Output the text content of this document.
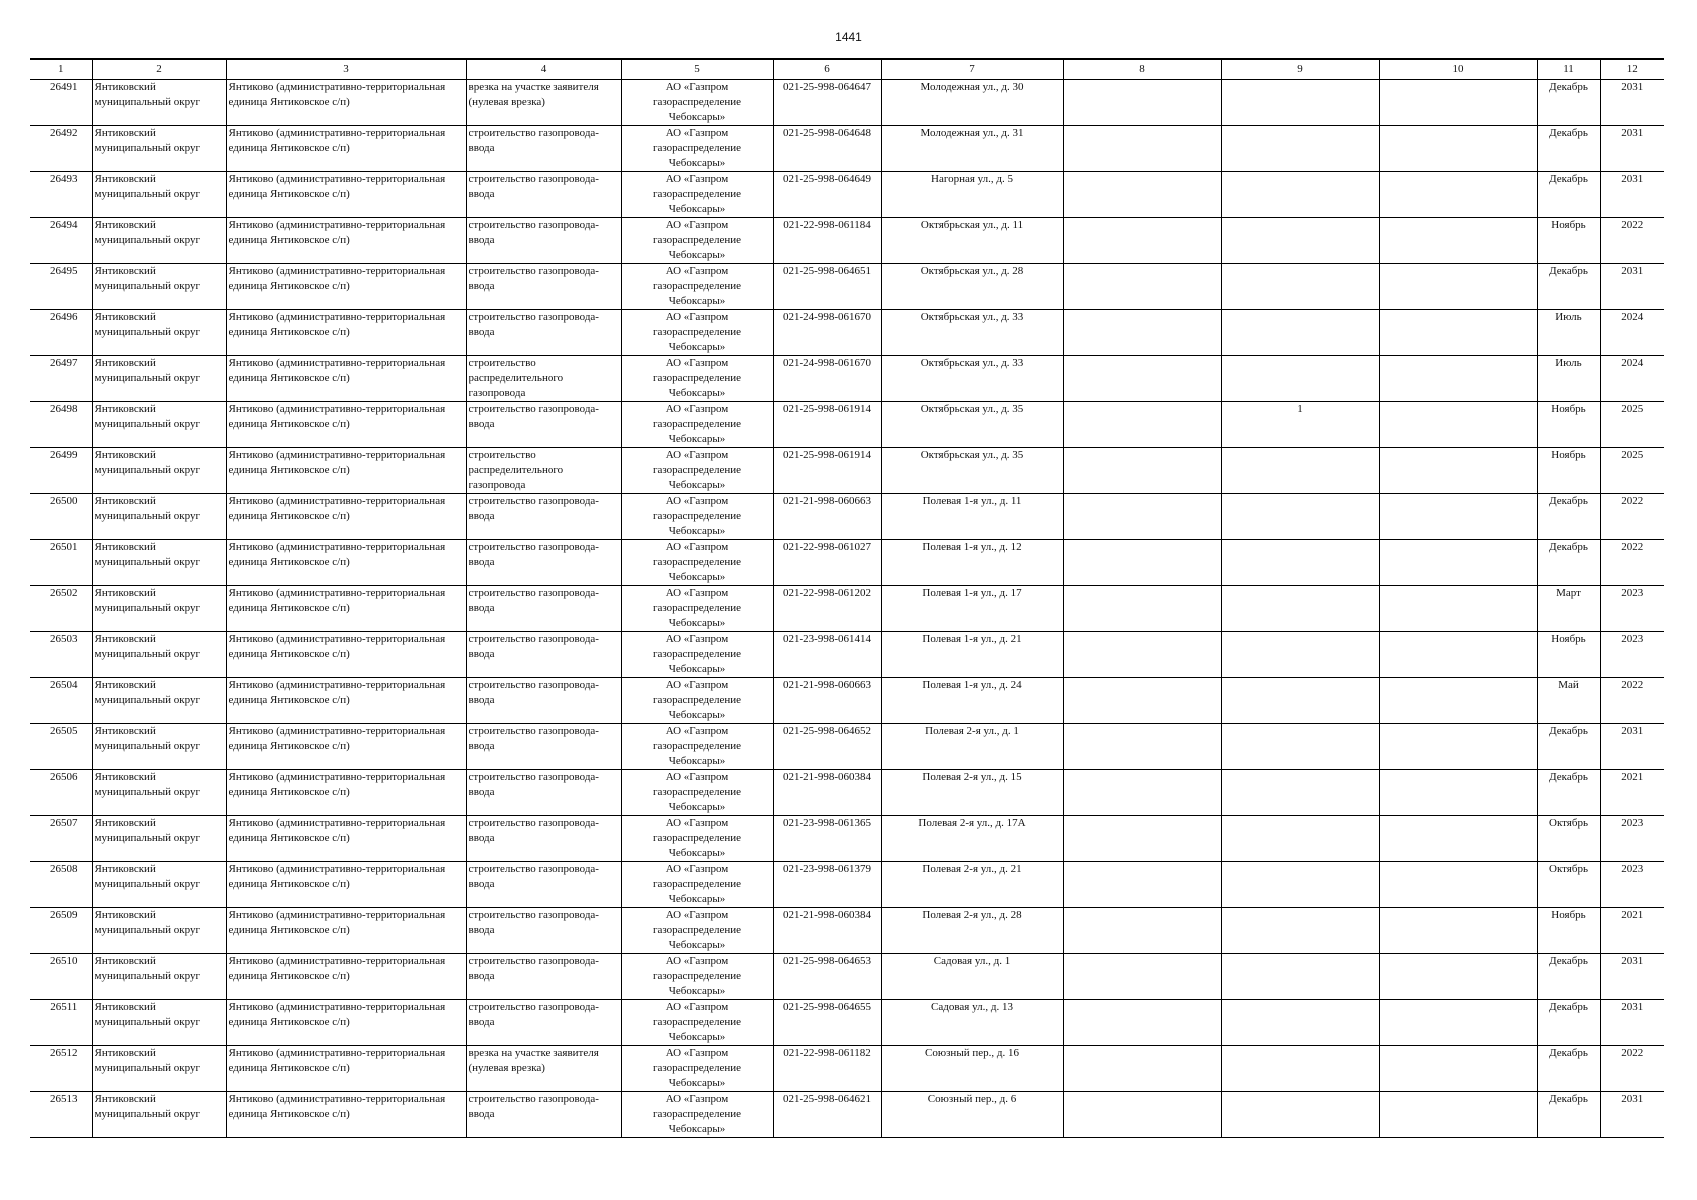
1441
1	2	3	4	5	6	7	8	9	10	11	12

26491	Янтиковский муниципальный округ	Янтиково (административно-территориальная единица Янтиковское с/п)	врезка на участке заявителя (нулевая врезка)	АО «Газпром газораспределение Чебоксары»	021-25-998-064647	Молодежная ул., д. 30				Декабрь	2031

26492	Янтиковский муниципальный округ	Янтиково (административно-территориальная единица Янтиковское с/п)	строительство газопровода-ввода	АО «Газпром газораспределение Чебоксары»	021-25-998-064648	Молодежная ул., д. 31				Декабрь	2031

26493	Янтиковский муниципальный округ	Янтиково (административно-территориальная единица Янтиковское с/п)	строительство газопровода-ввода	АО «Газпром газораспределение Чебоксары»	021-25-998-064649	Нагорная ул., д. 5				Декабрь	2031

26494	Янтиковский муниципальный округ	Янтиково (административно-территориальная единица Янтиковское с/п)	строительство газопровода-ввода	АО «Газпром газораспределение Чебоксары»	021-22-998-061184	Октябрьская ул., д. 11				Ноябрь	2022

26495	Янтиковский муниципальный округ	Янтиково (административно-территориальная единица Янтиковское с/п)	строительство газопровода-ввода	АО «Газпром газораспределение Чебоксары»	021-25-998-064651	Октябрьская ул., д. 28				Декабрь	2031

26496	Янтиковский муниципальный округ	Янтиково (административно-территориальная единица Янтиковское с/п)	строительство газопровода-ввода	АО «Газпром газораспределение Чебоксары»	021-24-998-061670	Октябрьская ул., д. 33				Июль	2024

26497	Янтиковский муниципальный округ	Янтиково (административно-территориальная единица Янтиковское с/п)	строительство распределительного газопровода	АО «Газпром газораспределение Чебоксары»	021-24-998-061670	Октябрьская ул., д. 33				Июль	2024

26498	Янтиковский муниципальный округ	Янтиково (административно-территориальная единица Янтиковское с/п)	строительство газопровода-ввода	АО «Газпром газораспределение Чебоксары»	021-25-998-061914	Октябрьская ул., д. 35		1		Ноябрь	2025

26499	Янтиковский муниципальный округ	Янтиково (административно-территориальная единица Янтиковское с/п)	строительство распределительного газопровода	АО «Газпром газораспределение Чебоксары»	021-25-998-061914	Октябрьская ул., д. 35				Ноябрь	2025

26500	Янтиковский муниципальный округ	Янтиково (административно-территориальная единица Янтиковское с/п)	строительство газопровода-ввода	АО «Газпром газораспределение Чебоксары»	021-21-998-060663	Полевая 1-я ул., д. 11				Декабрь	2022

26501	Янтиковский муниципальный округ	Янтиково (административно-территориальная единица Янтиковское с/п)	строительство газопровода-ввода	АО «Газпром газораспределение Чебоксары»	021-22-998-061027	Полевая 1-я ул., д. 12				Декабрь	2022

26502	Янтиковский муниципальный округ	Янтиково (административно-территориальная единица Янтиковское с/п)	строительство газопровода-ввода	АО «Газпром газораспределение Чебоксары»	021-22-998-061202	Полевая 1-я ул., д. 17				Март	2023

26503	Янтиковский муниципальный округ	Янтиково (административно-территориальная единица Янтиковское с/п)	строительство газопровода-ввода	АО «Газпром газораспределение Чебоксары»	021-23-998-061414	Полевая 1-я ул., д. 21				Ноябрь	2023

26504	Янтиковский муниципальный округ	Янтиково (административно-территориальная единица Янтиковское с/п)	строительство газопровода-ввода	АО «Газпром газораспределение Чебоксары»	021-21-998-060663	Полевая 1-я ул., д. 24				Май	2022

26505	Янтиковский муниципальный округ	Янтиково (административно-территориальная единица Янтиковское с/п)	строительство газопровода-ввода	АО «Газпром газораспределение Чебоксары»	021-25-998-064652	Полевая 2-я ул., д. 1				Декабрь	2031

26506	Янтиковский муниципальный округ	Янтиково (административно-территориальная единица Янтиковское с/п)	строительство газопровода-ввода	АО «Газпром газораспределение Чебоксары»	021-21-998-060384	Полевая 2-я ул., д. 15				Декабрь	2021

26507	Янтиковский муниципальный округ	Янтиково (административно-территориальная единица Янтиковское с/п)	строительство газопровода-ввода	АО «Газпром газораспределение Чебоксары»	021-23-998-061365	Полевая 2-я ул., д. 17А				Октябрь	2023

26508	Янтиковский муниципальный округ	Янтиково (административно-территориальная единица Янтиковское с/п)	строительство газопровода-ввода	АО «Газпром газораспределение Чебоксары»	021-23-998-061379	Полевая 2-я ул., д. 21				Октябрь	2023

26509	Янтиковский муниципальный округ	Янтиково (административно-территориальная единица Янтиковское с/п)	строительство газопровода-ввода	АО «Газпром газораспределение Чебоксары»	021-21-998-060384	Полевая 2-я ул., д. 28				Ноябрь	2021

26510	Янтиковский муниципальный округ	Янтиково (административно-территориальная единица Янтиковское с/п)	строительство газопровода-ввода	АО «Газпром газораспределение Чебоксары»	021-25-998-064653	Садовая ул., д. 1				Декабрь	2031

26511	Янтиковский муниципальный округ	Янтиково (административно-территориальная единица Янтиковское с/п)	строительство газопровода-ввода	АО «Газпром газораспределение Чебоксары»	021-25-998-064655	Садовая ул., д. 13				Декабрь	2031

26512	Янтиковский муниципальный округ	Янтиково (административно-территориальная единица Янтиковское с/п)	врезка на участке заявителя (нулевая врезка)	АО «Газпром газораспределение Чебоксары»	021-22-998-061182	Союзный пер., д. 16				Декабрь	2022

26513	Янтиковский муниципальный округ	Янтиково (административно-территориальная единица Янтиковское с/п)	строительство газопровода-ввода	АО «Газпром газораспределение Чебоксары»	021-25-998-064621	Союзный пер., д. 6				Декабрь	2031
